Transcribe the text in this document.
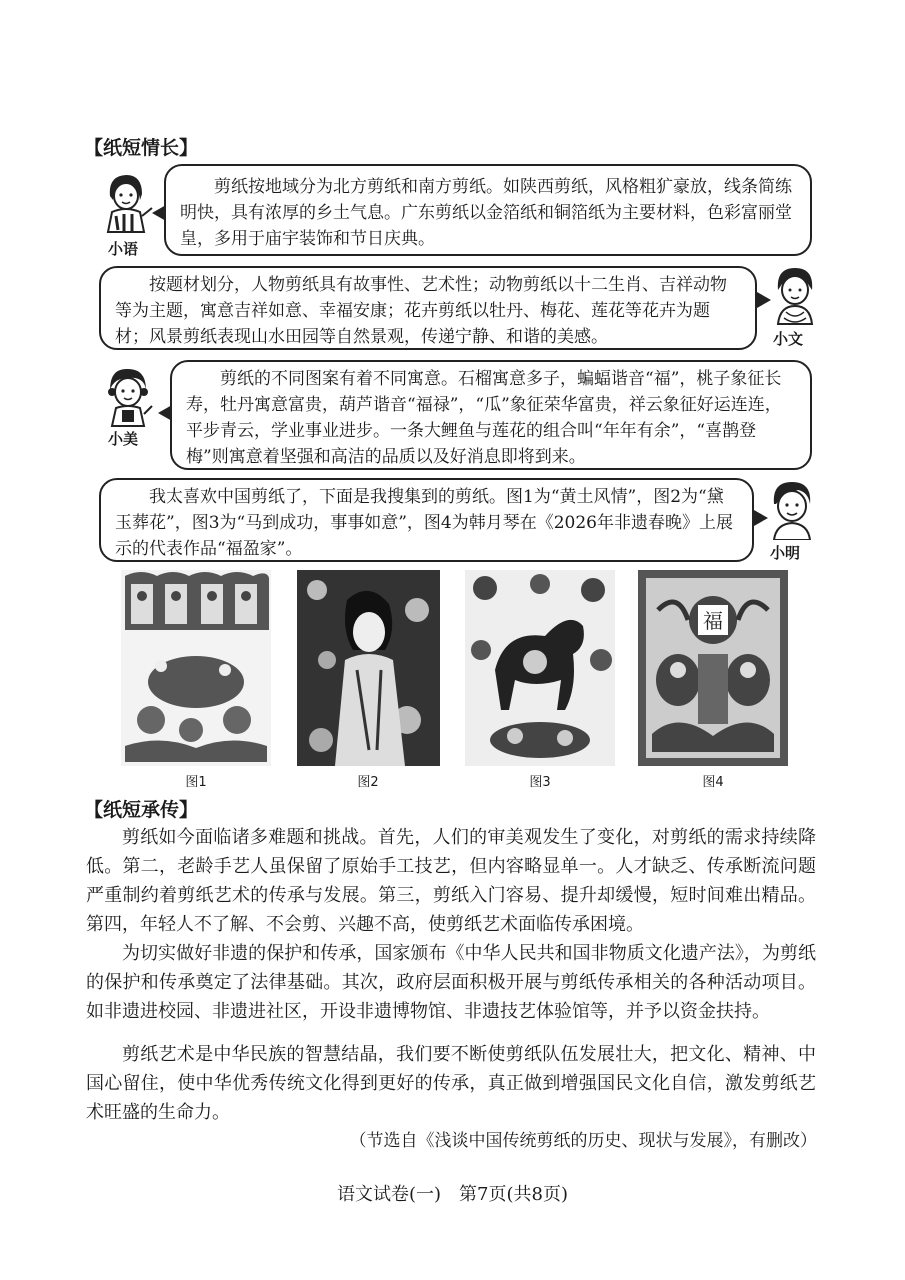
【纸短情长】
小语
剪纸按地域分为北方剪纸和南方剪纸。如陕西剪纸，风格粗犷豪放，线条简练明快，具有浓厚的乡土气息。广东剪纸以金箔纸和铜箔纸为主要材料，色彩富丽堂皇，多用于庙宇装饰和节日庆典。
按题材划分，人物剪纸具有故事性、艺术性；动物剪纸以十二生肖、吉祥动物等为主题，寓意吉祥如意、幸福安康；花卉剪纸以牡丹、梅花、莲花等花卉为题材；风景剪纸表现山水田园等自然景观，传递宁静、和谐的美感。	小文
小美
剪纸的不同图案有着不同寓意。石榴寓意多子，蝙蝠谐音“福”，桃子象征长寿，牡丹寓意富贵，葫芦谐音“福禄”，“瓜”象征荣华富贵，祥云象征好运连连，平步青云，学业事业进步。一条大鲤鱼与莲花的组合叫“年年有余”，“喜鹊登梅”则寓意着坚强和高洁的品质以及好消息即将到来。
我太喜欢中国剪纸了，下面是我搜集到的剪纸。图1为“黄土风情”，图2为“黛玉葬花”，图3为“马到成功，事事如意”，图4为韩月琴在《2026年非遗春晚》上展示的代表作品“福盈家”。	小明
福
图1	图2	图3	图4
【纸短承传】
剪纸如今面临诸多难题和挑战。首先，人们的审美观发生了变化，对剪纸的需求持续降低。第二，老龄手艺人虽保留了原始手工技艺，但内容略显单一。人才缺乏、传承断流问题严重制约着剪纸艺术的传承与发展。第三，剪纸入门容易、提升却缓慢，短时间难出精品。第四，年轻人不了解、不会剪、兴趣不高，使剪纸艺术面临传承困境。
为切实做好非遗的保护和传承，国家颁布《中华人民共和国非物质文化遗产法》，为剪纸的保护和传承奠定了法律基础。其次，政府层面积极开展与剪纸传承相关的各种活动项目。如非遗进校园、非遗进社区，开设非遗博物馆、非遗技艺体验馆等，并予以资金扶持。
剪纸艺术是中华民族的智慧结晶，我们要不断使剪纸队伍发展壮大，把文化、精神、中国心留住，使中华优秀传统文化得到更好的传承，真正做到增强国民文化自信，激发剪纸艺术旺盛的生命力。
（节选自《浅谈中国传统剪纸的历史、现状与发展》，有删改）
语文试卷(一)　第7页(共8页)
